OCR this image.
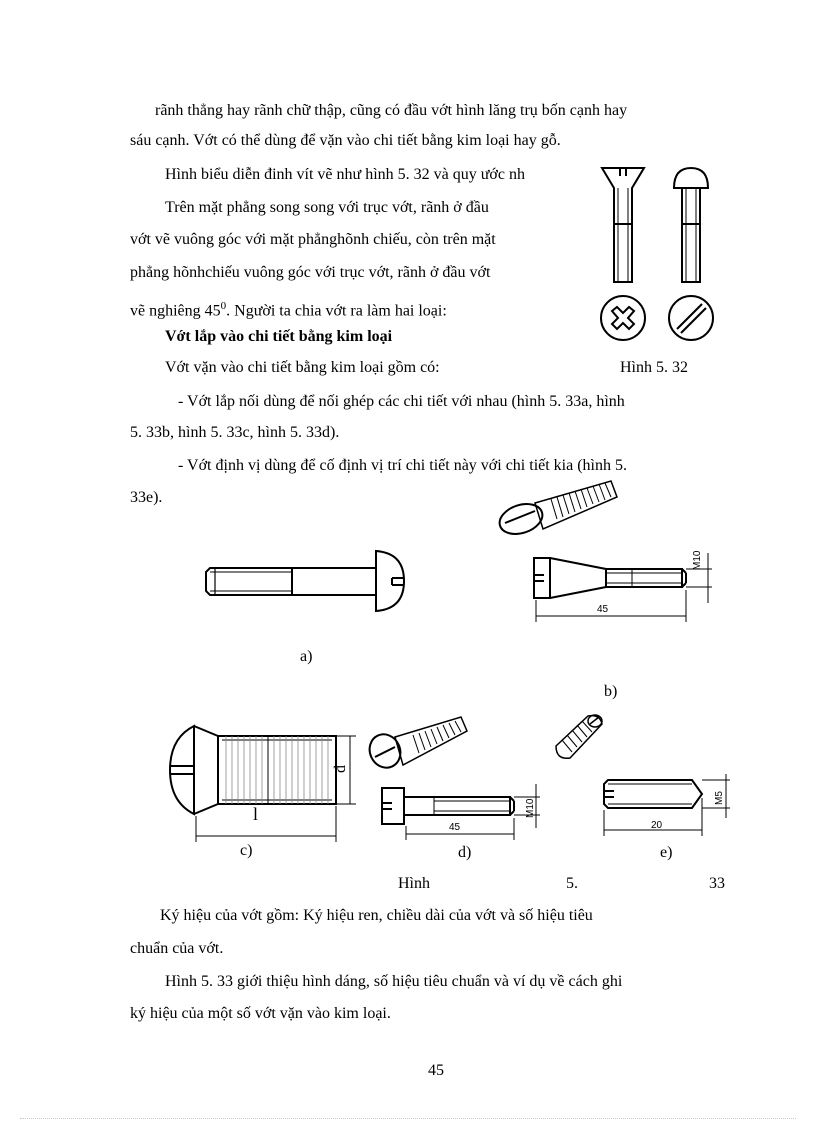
rãnh thẳng hay rãnh chữ thập, cũng có đầu vớt hình lăng trụ bốn cạnh hay
sáu cạnh. Vớt có thể dùng để vặn vào chi tiết bằng kim loại hay gỗ.
Hình biểu diễn đinh vít vẽ như hình 5. 32 và quy ước nh
Trên mặt phẳng song song với trục vớt, rãnh ở đầu
vớt vẽ vuông góc với mặt phẳnghõnh chiếu, còn trên mặt
phẳng hõnhchiếu vuông góc với trục vớt, rãnh ở đầu vớt
vẽ nghiêng $45^0$. Người ta chia vớt ra làm hai loại:
Vớt lắp vào chi tiết bằng kim loại
Vớt vặn vào chi tiết bằng kim loại gồm có:	Hình 5. 32
- Vớt lắp nối dùng để nối ghép các chi tiết với nhau (hình 5. 33a, hình
5. 33b, hình 5. 33c, hình 5. 33d).
- Vớt định vị dùng để cố định vị trí chi tiết này với chi tiết kia (hình 5.
33e).
Hình	5.	33
Ký hiệu của vớt gồm: Ký hiệu ren, chiều dài của vớt và số hiệu tiêu
chuẩn của vớt.
Hình 5. 33 giới thiệu hình dáng, số hiệu tiêu chuẩn và ví dụ về cách ghi
ký hiệu của một số vớt vặn vào kim loại.
45
a)
45
M10
b)
l
d
c)
45
M10
d)
20
M5
e)
